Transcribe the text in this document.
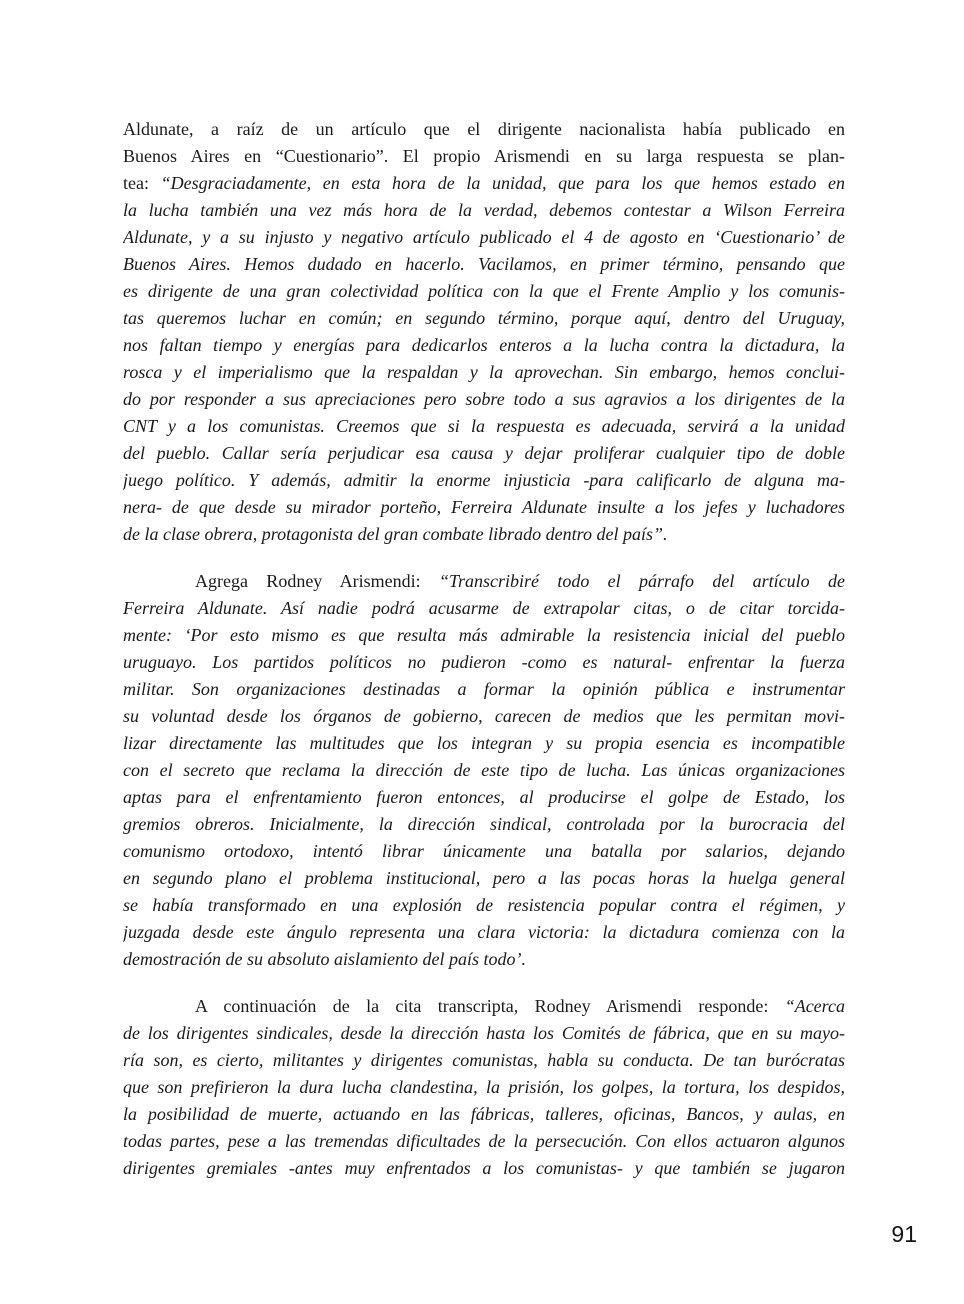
Aldunate, a raíz de un artículo que el dirigente nacionalista había publicado en
Buenos Aires en “Cuestionario”. El propio Arismendi en su larga respuesta se plan-
tea: “Desgraciadamente, en esta hora de la unidad, que para los que hemos estado en
la lucha también una vez más hora de la verdad, debemos contestar a Wilson Ferreira
Aldunate, y a su injusto y negativo artículo publicado el 4 de agosto en ‘Cuestionario’ de
Buenos Aires. Hemos dudado en hacerlo. Vacilamos, en primer término, pensando que
es dirigente de una gran colectividad política con la que el Frente Amplio y los comunis-
tas queremos luchar en común; en segundo término, porque aquí, dentro del Uruguay,
nos faltan tiempo y energías para dedicarlos enteros a la lucha contra la dictadura, la
rosca y el imperialismo que la respaldan y la aprovechan. Sin embargo, hemos conclui-
do por responder a sus apreciaciones pero sobre todo a sus agravios a los dirigentes de la
CNT y a los comunistas. Creemos que si la respuesta es adecuada, servirá a la unidad
del pueblo. Callar sería perjudicar esa causa y dejar proliferar cualquier tipo de doble
juego político. Y además, admitir la enorme injusticia -para calificarlo de alguna ma-
nera- de que desde su mirador porteño, Ferreira Aldunate insulte a los jefes y luchadores
de la clase obrera, protagonista del gran combate librado dentro del país”.
Agrega Rodney Arismendi: “Transcribiré todo el párrafo del artículo de
Ferreira Aldunate. Así nadie podrá acusarme de extrapolar citas, o de citar torcida-
mente: ‘Por esto mismo es que resulta más admirable la resistencia inicial del pueblo
uruguayo. Los partidos políticos no pudieron -como es natural- enfrentar la fuerza
militar. Son organizaciones destinadas a formar la opinión pública e instrumentar
su voluntad desde los órganos de gobierno, carecen de medios que les permitan movi-
lizar directamente las multitudes que los integran y su propia esencia es incompatible
con el secreto que reclama la dirección de este tipo de lucha. Las únicas organizaciones
aptas para el enfrentamiento fueron entonces, al producirse el golpe de Estado, los
gremios obreros. Inicialmente, la dirección sindical, controlada por la burocracia del
comunismo ortodoxo, intentó librar únicamente una batalla por salarios, dejando
en segundo plano el problema institucional, pero a las pocas horas la huelga general
se había transformado en una explosión de resistencia popular contra el régimen, y
juzgada desde este ángulo representa una clara victoria: la dictadura comienza con la
demostración de su absoluto aislamiento del país todo’.
A continuación de la cita transcripta, Rodney Arismendi responde: “Acerca
de los dirigentes sindicales, desde la dirección hasta los Comités de fábrica, que en su mayo-
ría son, es cierto, militantes y dirigentes comunistas, habla su conducta. De tan burócratas
que son prefirieron la dura lucha clandestina, la prisión, los golpes, la tortura, los despidos,
la posibilidad de muerte, actuando en las fábricas, talleres, oficinas, Bancos, y aulas, en
todas partes, pese a las tremendas dificultades de la persecución. Con ellos actuaron algunos
dirigentes gremiales -antes muy enfrentados a los comunistas- y que también se jugaron
91
